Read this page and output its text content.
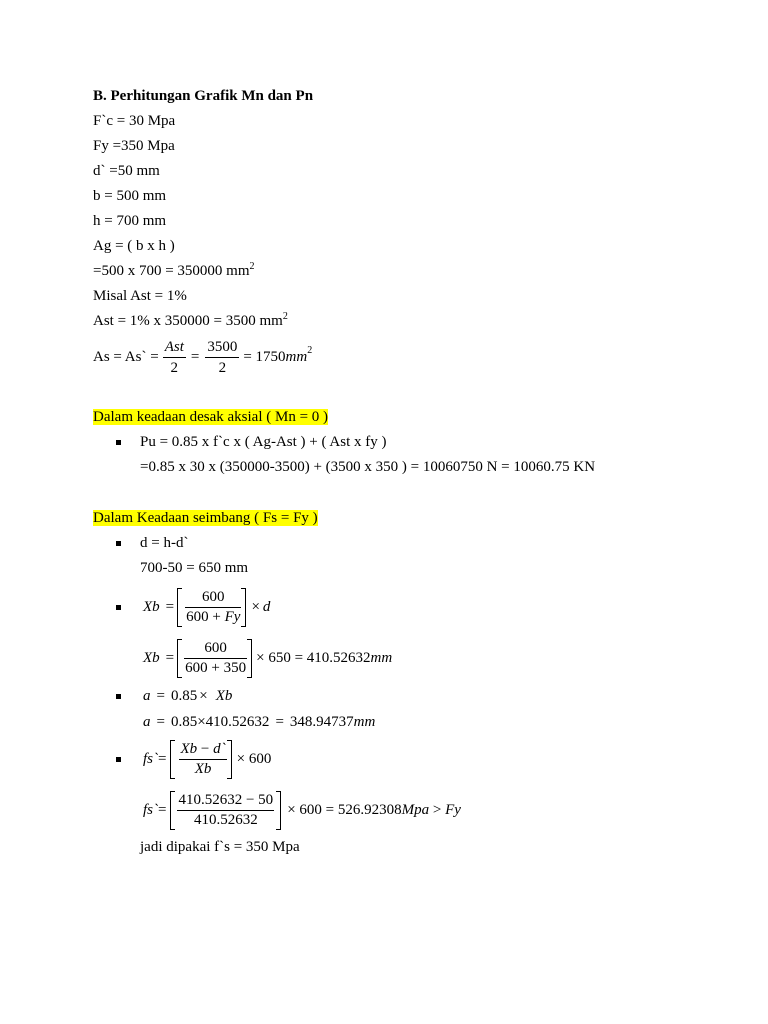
B. Perhitungan Grafik Mn dan Pn
F`c = 30 Mpa
Fy =350 Mpa
d` =50 mm
b = 500 mm
h = 700 mm
Ag = ( b x h )
=500 x 700 = 350000 $mm^2$
Misal Ast = 1%
Ast = 1% x 350000 = 3500 $mm^2$
As = As` = $\frac{\text{Ast}}{2} = \frac{3500}{2} = 1750$ mm 2
Dalam keadaan desak aksial ( Mn = 0 )
Pu = 0.85 x f`c x ( Ag-Ast ) + ( Ast x fy )
=0.85 x 30 x (350000-3500) + (3500 x 350 ) = 10060750 N = 10060.75 KN
Dalam Keadaan seimbang ( Fs = Fy )
d = h-d`
700-50 = 650 mm
$Xb = \frac{600}{600 + Fy} \times d$
$Xb = \frac{600}{600 + 350} \times 650 = 410.52632$ mm
a = 0.85 × Xb
a = 0.85×410.52632 = 348.94737 mm
fs` = $\frac{Xb - d`}{Xb} \times 600$
fs` = $\frac{410.52632 - 50}{410.52632} \times 600 = 526.92308$ Mpa > Fy
jadi dipakai f`s = 350 Mpa
